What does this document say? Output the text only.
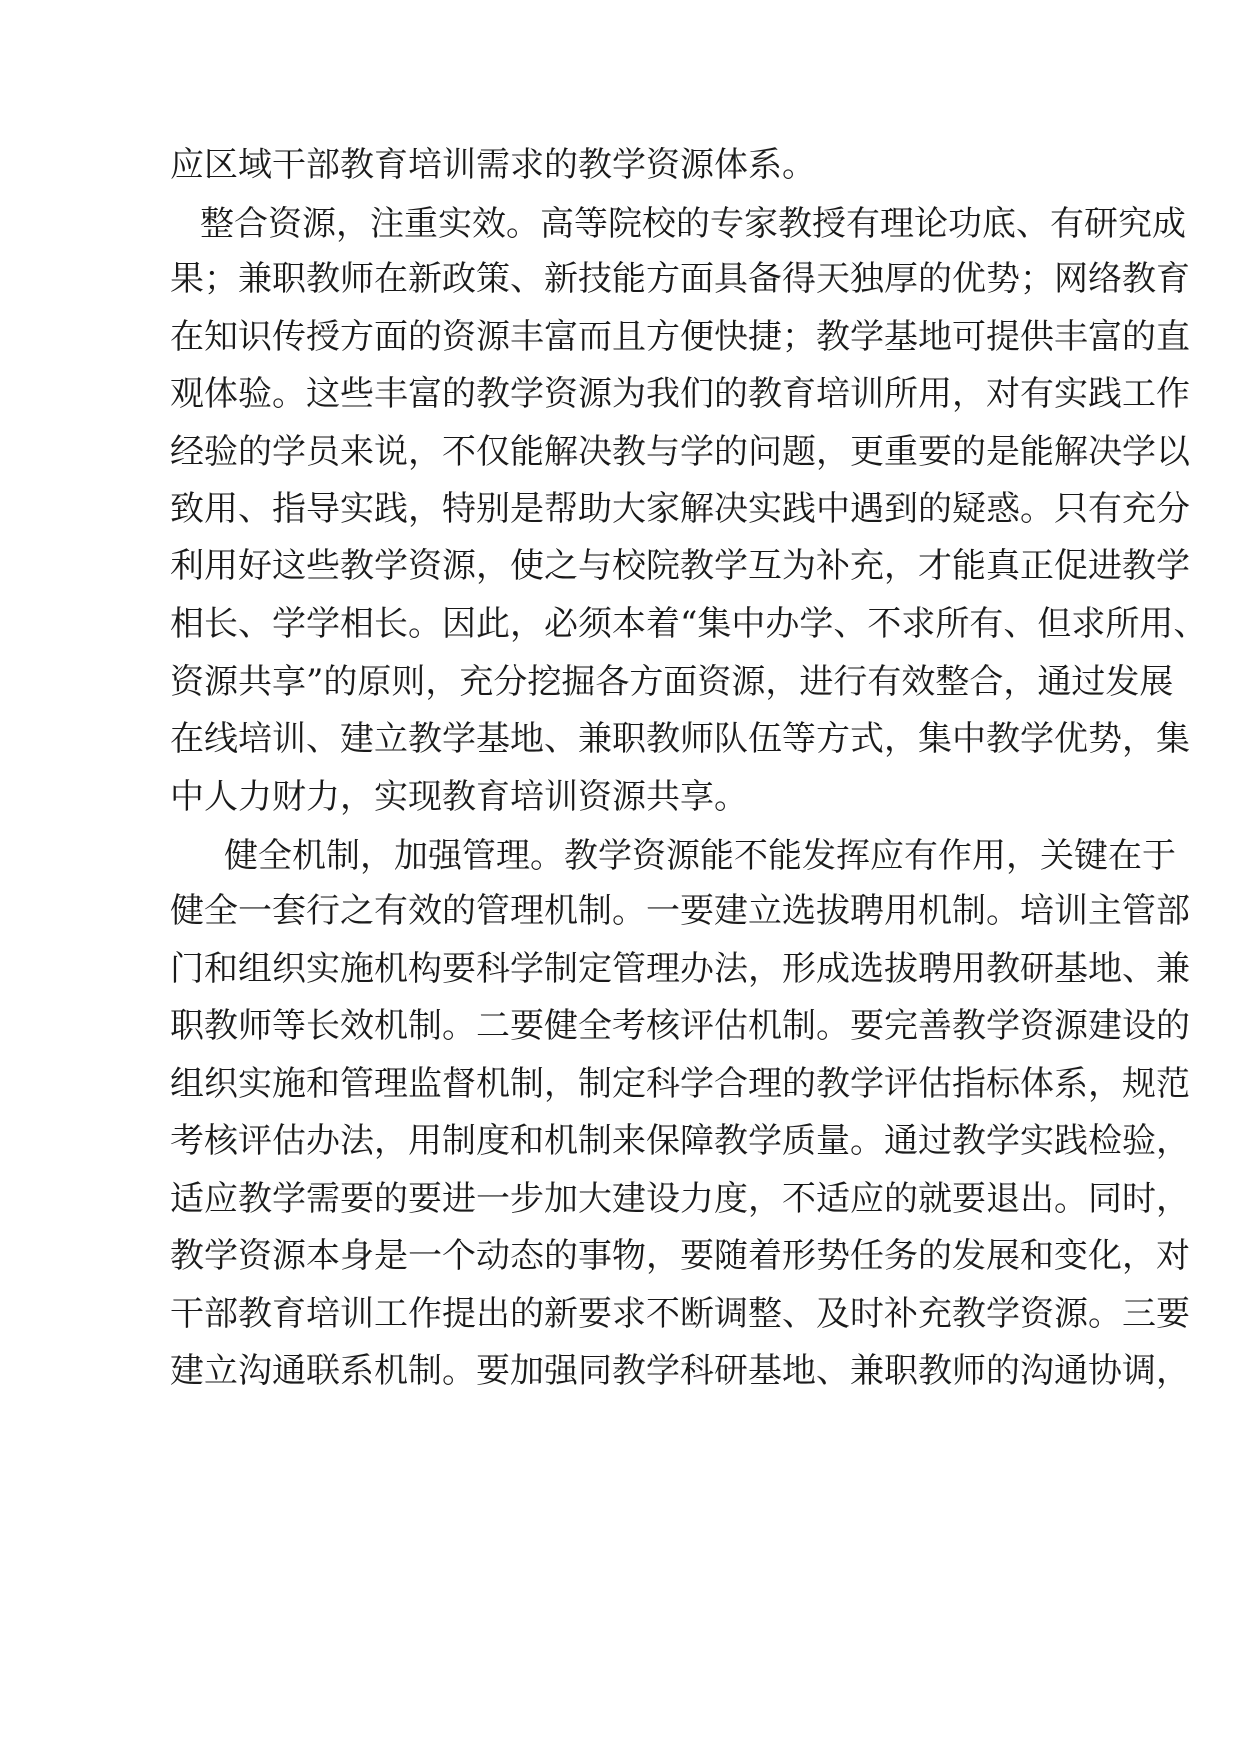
应区域干部教育培训需求的教学资源体系。
整合资源，注重实效。高等院校的专家教授有理论功底、有研究成
果；兼职教师在新政策、新技能方面具备得天独厚的优势；网络教育
在知识传授方面的资源丰富而且方便快捷；教学基地可提供丰富的直
观体验。这些丰富的教学资源为我们的教育培训所用，对有实践工作
经验的学员来说，不仅能解决教与学的问题，更重要的是能解决学以
致用、指导实践，特别是帮助大家解决实践中遇到的疑惑。只有充分
利用好这些教学资源，使之与校院教学互为补充，才能真正促进教学
相长、学学相长。因此，必须本着“集中办学、不求所有、但求所用、
资源共享”的原则，充分挖掘各方面资源，进行有效整合，通过发展
在线培训、建立教学基地、兼职教师队伍等方式，集中教学优势，集
中人力财力，实现教育培训资源共享。
健全机制，加强管理。教学资源能不能发挥应有作用，关键在于
健全一套行之有效的管理机制。一要建立选拔聘用机制。培训主管部
门和组织实施机构要科学制定管理办法，形成选拔聘用教研基地、兼
职教师等长效机制。二要健全考核评估机制。要完善教学资源建设的
组织实施和管理监督机制，制定科学合理的教学评估指标体系，规范
考核评估办法，用制度和机制来保障教学质量。通过教学实践检验，
适应教学需要的要进一步加大建设力度，不适应的就要退出。同时，
教学资源本身是一个动态的事物，要随着形势任务的发展和变化，对
干部教育培训工作提出的新要求不断调整、及时补充教学资源。三要
建立沟通联系机制。要加强同教学科研基地、兼职教师的沟通协调，
